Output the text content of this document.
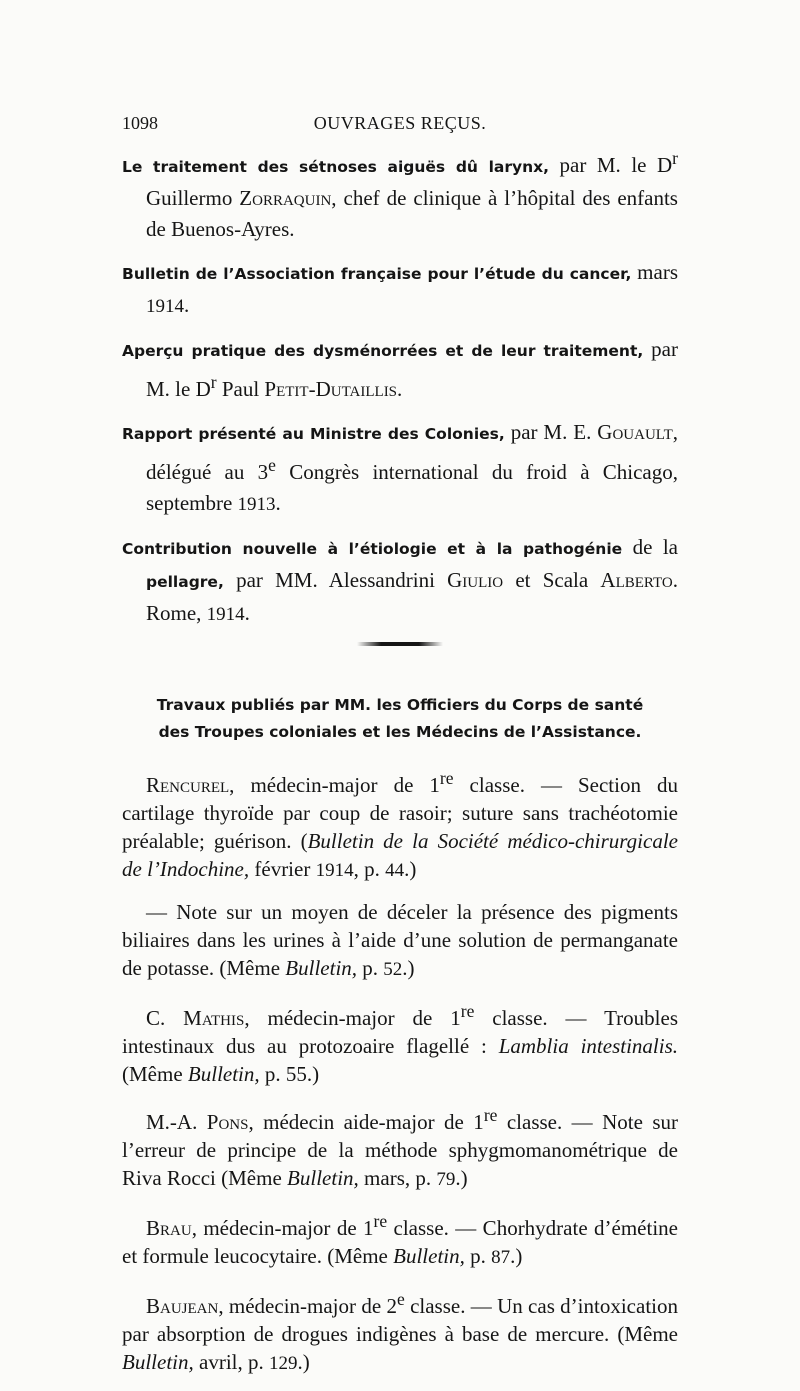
1098	OUVRAGES REÇUS.

Le traitement des sétnoses aiguës dû larynx, par M. le $D^r$ Guillermo Zorraquin, chef de clinique à l’hôpital des enfants de Buenos-Ayres.

Bulletin de l’Association française pour l’étude du cancer, mars 1914.

Aperçu pratique des dysménorrées et de leur traitement, par M. le $D^r$ Paul Petit-Dutaillis.

Rapport présenté au Ministre des Colonies, par M. E. Gouault, délégué au 3e Congrès international du froid à Chicago, septembre 1913.

Contribution nouvelle à l’étiologie et à la pathogénie de la pellagre, par MM. Alessandrini Giulio et Scala Alberto. Rome, 1914.

Travaux publiés par MM. les Officiers du Corps de santé
des Troupes coloniales et les Médecins de l’Assistance.

Rencurel, médecin-major de 1re classe. — Section du cartilage thyroïde par coup de rasoir; suture sans trachéotomie préalable; guérison. (Bulletin de la Société médico-chirurgicale de l’Indochine, février 1914, p. 44.)

— Note sur un moyen de déceler la présence des pigments biliaires dans les urines à l’aide d’une solution de permanganate de potasse. (Même Bulletin, p. 52.)

C. Mathis, médecin-major de 1re classe. — Troubles intestinaux dus au protozoaire flagellé : Lamblia intestinalis. (Même Bulletin, p. 55.)

M.-A. Pons, médecin aide-major de 1re classe. — Note sur l’erreur de principe de la méthode sphygmomanométrique de Riva Rocci (Même Bulletin, mars, p. 79.)

Brau, médecin-major de 1re classe. — Chorhydrate d’émétine et formule leucocytaire. (Même Bulletin, p. 87.)

Baujean, médecin-major de 2e classe. — Un cas d’intoxication par absorption de drogues indigènes à base de mercure. (Même Bulletin, avril, p. 129.)
